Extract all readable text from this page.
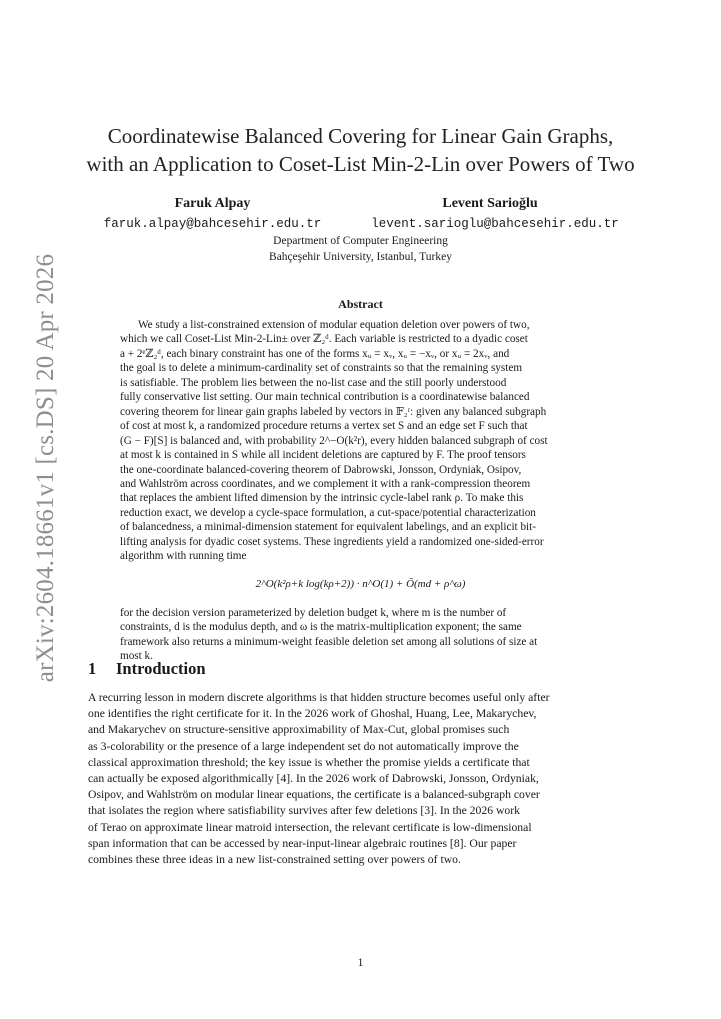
arXiv:2604.18661v1 [cs.DS] 20 Apr 2026
Coordinatewise Balanced Covering for Linear Gain Graphs,
with an Application to Coset-List Min-2-Lin over Powers of Two
Faruk Alpay
faruk.alpay@bahcesehir.edu.tr
Levent Sarioğlu
levent.sarioglu@bahcesehir.edu.tr
Department of Computer Engineering
Bahçeşehir University, Istanbul, Turkey
Abstract

We study a list-constrained extension of modular equation deletion over powers of two,

which we call Coset-List Min-2-Lin± over ℤ₂ᵈ. Each variable is restricted to a dyadic coset

a + 2ᵉℤ₂ᵈ, each binary constraint has one of the forms xᵤ = xᵥ, xᵤ = −xᵥ, or xᵤ = 2xᵥ, and

the goal is to delete a minimum-cardinality set of constraints so that the remaining system

is satisfiable. The problem lies between the no-list case and the still poorly understood

fully conservative list setting. Our main technical contribution is a coordinatewise balanced

covering theorem for linear gain graphs labeled by vectors in 𝔽₂ʳ: given any balanced subgraph

of cost at most k, a randomized procedure returns a vertex set S and an edge set F such that

(G − F)[S] is balanced and, with probability 2^−O(k²r), every hidden balanced subgraph of cost

at most k is contained in S while all incident deletions are captured by F. The proof tensors

the one-coordinate balanced-covering theorem of Dabrowski, Jonsson, Ordyniak, Osipov,

and Wahlström across coordinates, and we complement it with a rank-compression theorem

that replaces the ambient lifted dimension by the intrinsic cycle-label rank ρ. To make this

reduction exact, we develop a cycle-space formulation, a cut-space/potential characterization

of balancedness, a minimal-dimension statement for equivalent labelings, and an explicit bit-

lifting analysis for dyadic coset systems. These ingredients yield a randomized one-sided-error

algorithm with running time

2^O(k²ρ+k log(kρ+2)) · n^O(1) + Õ(md + ρ^ω)
for the decision version parameterized by deletion budget k, where m is the number of
constraints, d is the modulus depth, and ω is the matrix-multiplication exponent; the same
framework also returns a minimum-weight feasible deletion set among all solutions of size at
most k.
1 Introduction
A recurring lesson in modern discrete algorithms is that hidden structure becomes useful only after
one identifies the right certificate for it. In the 2026 work of Ghoshal, Huang, Lee, Makarychev,
and Makarychev on structure-sensitive approximability of Max-Cut, global promises such
as 3-colorability or the presence of a large independent set do not automatically improve the
classical approximation threshold; the key issue is whether the promise yields a certificate that
can actually be exposed algorithmically [4]. In the 2026 work of Dabrowski, Jonsson, Ordyniak,
Osipov, and Wahlström on modular linear equations, the certificate is a balanced-subgraph cover
that isolates the region where satisfiability survives after few deletions [3]. In the 2026 work
of Terao on approximate linear matroid intersection, the relevant certificate is low-dimensional
span information that can be accessed by near-input-linear algebraic routines [8]. Our paper
combines these three ideas in a new list-constrained setting over powers of two.
1
